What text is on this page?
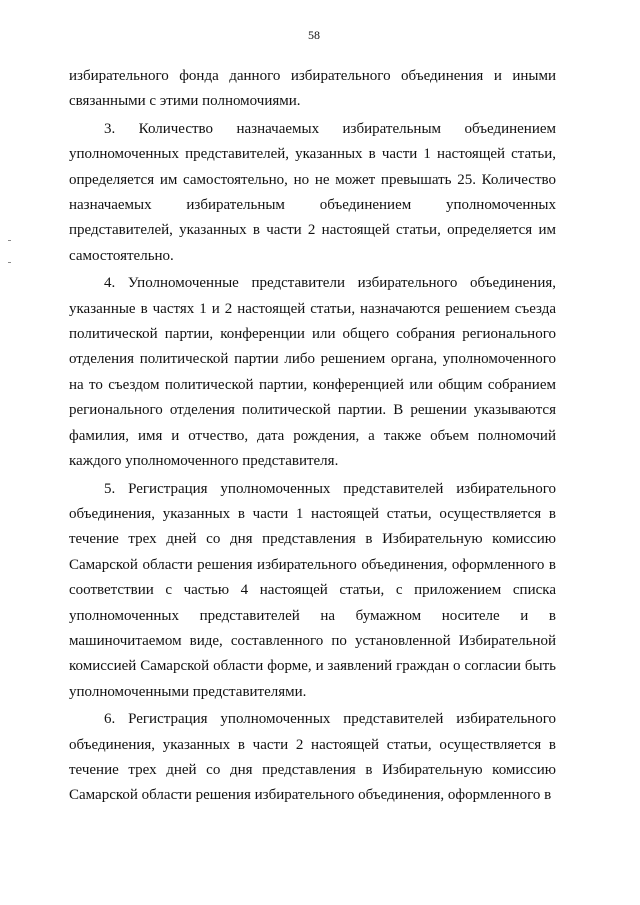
58

избирательного фонда данного избирательного объединения и иными связанными с этими полномочиями.

3. Количество назначаемых избирательным объединением уполномоченных представителей, указанных в части 1 настоящей статьи, определяется им самостоятельно, но не может превышать 25. Количество назначаемых избирательным объединением уполномоченных представителей, указанных в части 2 настоящей статьи, определяется им самостоятельно.

4. Уполномоченные представители избирательного объединения, указанные в частях 1 и 2 настоящей статьи, назначаются решением съезда политической партии, конференции или общего собрания регионального отделения политической партии либо решением органа, уполномоченного на то съездом политической партии, конференцией или общим собранием регионального отделения политической партии. В решении указываются фамилия, имя и отчество, дата рождения, а также объем полномочий каждого уполномоченного представителя.

5. Регистрация уполномоченных представителей избирательного объединения, указанных в части 1 настоящей статьи, осуществляется в течение трех дней со дня представления в Избирательную комиссию Самарской области решения избирательного объединения, оформленного в соответствии с частью 4 настоящей статьи, с приложением списка уполномоченных представителей на бумажном носителе и в машиночитаемом виде, составленного по установленной Избирательной комиссией Самарской области форме, и заявлений граждан о согласии быть уполномоченными представителями.

6. Регистрация уполномоченных представителей избирательного объединения, указанных в части 2 настоящей статьи, осуществляется в течение трех дней со дня представления в Избирательную комиссию Самарской области решения избирательного объединения, оформленного в
